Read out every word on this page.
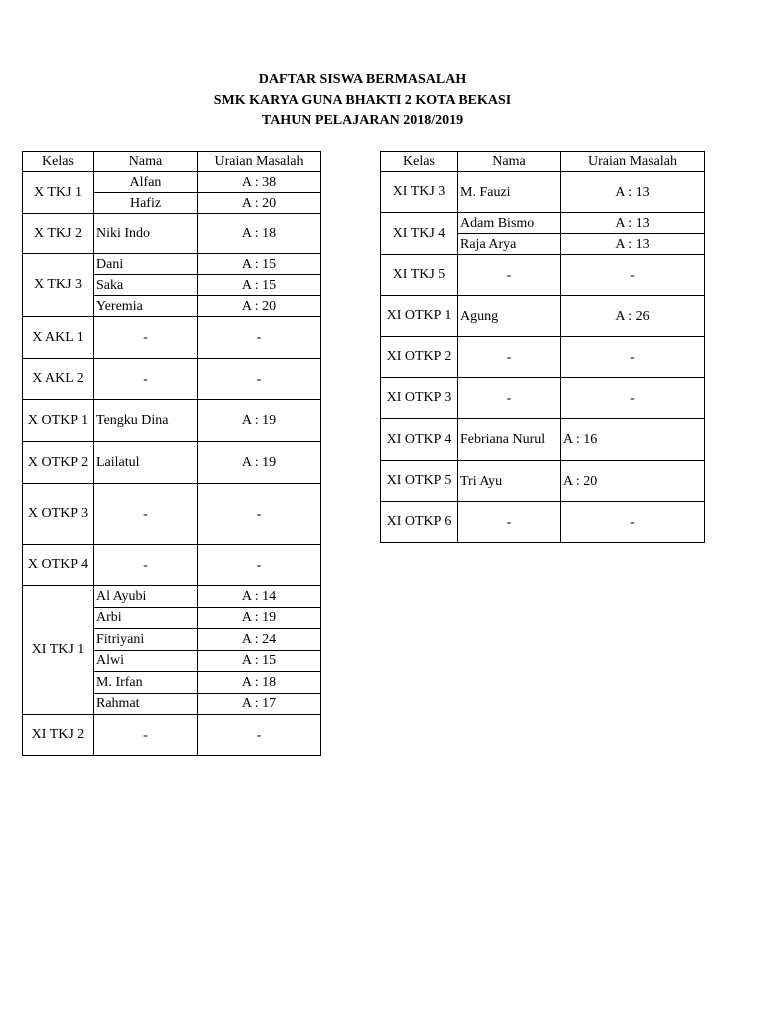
DAFTAR SISWA BERMASALAH
SMK KARYA GUNA BHAKTI 2 KOTA BEKASI
TAHUN PELAJARAN 2018/2019
Kelas	Nama	Uraian Masalah
X TKJ 1	Alfan	A : 38
	Hafiz	A : 20
X TKJ 2	Niki Indo	A : 18
X TKJ 3	Dani	A : 15
	Saka	A : 15
	Yeremia	A : 20
X AKL 1	-	-
X AKL 2	-	-
X OTKP 1	Tengku Dina	A : 19
X OTKP 2	Lailatul	A : 19
X OTKP 3	-	-
X OTKP 4	-	-
XI TKJ 1	Al Ayubi	A : 14
	Arbi	A : 19
	Fitriyani	A : 24
	Alwi	A : 15
	M. Irfan	A : 18
	Rahmat	A : 17
XI TKJ 2	-	-
Kelas	Nama	Uraian Masalah
XI TKJ 3	M. Fauzi	A : 13
XI TKJ 4	Adam Bismo	A : 13
	Raja Arya	A : 13
XI TKJ 5	-	-
XI OTKP 1	Agung	A : 26
XI OTKP 2	-	-
XI OTKP 3	-	-
XI OTKP 4	Febriana Nurul	A : 16
XI OTKP 5	Tri Ayu	A : 20
XI OTKP 6	-	-
